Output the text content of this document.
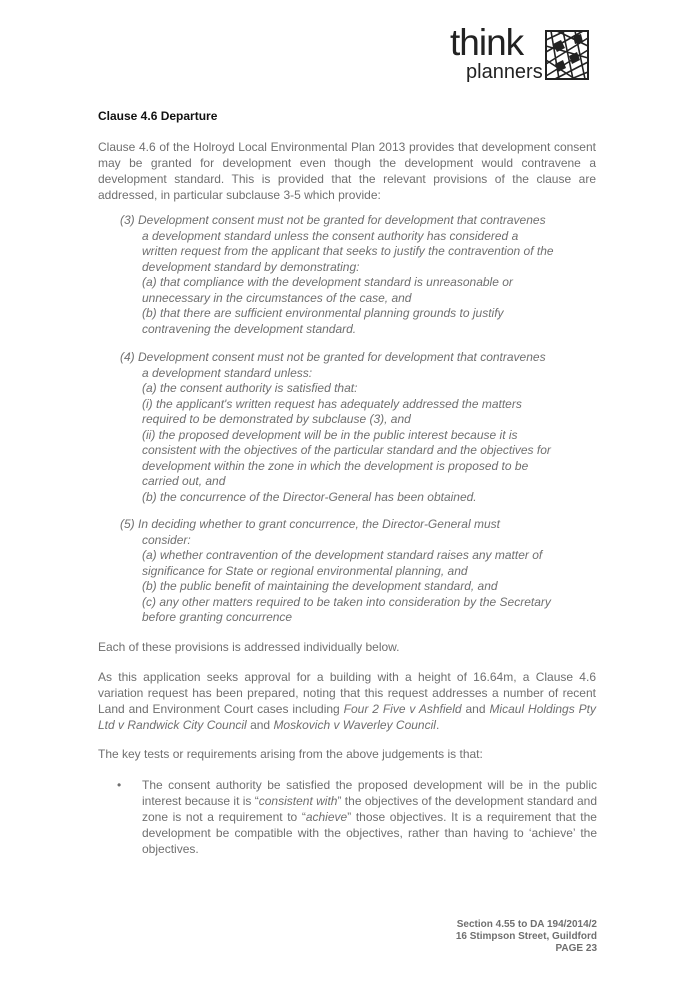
think
planners
Clause 4.6 Departure

Clause 4.6 of the Holroyd Local Environmental Plan 2013 provides that development consent may be granted for development even though the development would contravene a development standard. This is provided that the relevant provisions of the clause are addressed, in particular subclause 3-5 which provide:

(3) Development consent must not be granted for development that contravenes
a development standard unless the consent authority has considered a
written request from the applicant that seeks to justify the contravention of the
development standard by demonstrating:
(a) that compliance with the development standard is unreasonable or
unnecessary in the circumstances of the case, and
(b) that there are sufficient environmental planning grounds to justify
contravening the development standard.
(4) Development consent must not be granted for development that contravenes
a development standard unless:
(a) the consent authority is satisfied that:
(i) the applicant's written request has adequately addressed the matters
required to be demonstrated by subclause (3), and
(ii) the proposed development will be in the public interest because it is
consistent with the objectives of the particular standard and the objectives for
development within the zone in which the development is proposed to be
carried out, and
(b) the concurrence of the Director-General has been obtained.
(5) In deciding whether to grant concurrence, the Director-General must
consider:
(a) whether contravention of the development standard raises any matter of
significance for State or regional environmental planning, and
(b) the public benefit of maintaining the development standard, and
(c) any other matters required to be taken into consideration by the Secretary
before granting concurrence

Each of these provisions is addressed individually below.

As this application seeks approval for a building with a height of 16.64m, a Clause 4.6 variation request has been prepared, noting that this request addresses a number of recent Land and Environment Court cases including Four 2 Five v Ashfield and Micaul Holdings Pty Ltd v Randwick City Council and Moskovich v Waverley Council.

The key tests or requirements arising from the above judgements is that:

• The consent authority be satisfied the proposed development will be in the public interest because it is “consistent with” the objectives of the development standard and zone is not a requirement to “achieve” those objectives. It is a requirement that the development be compatible with the objectives, rather than having to ‘achieve’ the objectives.

Section 4.55 to DA 194/2014/2
16 Stimpson Street, Guildford
PAGE 23
